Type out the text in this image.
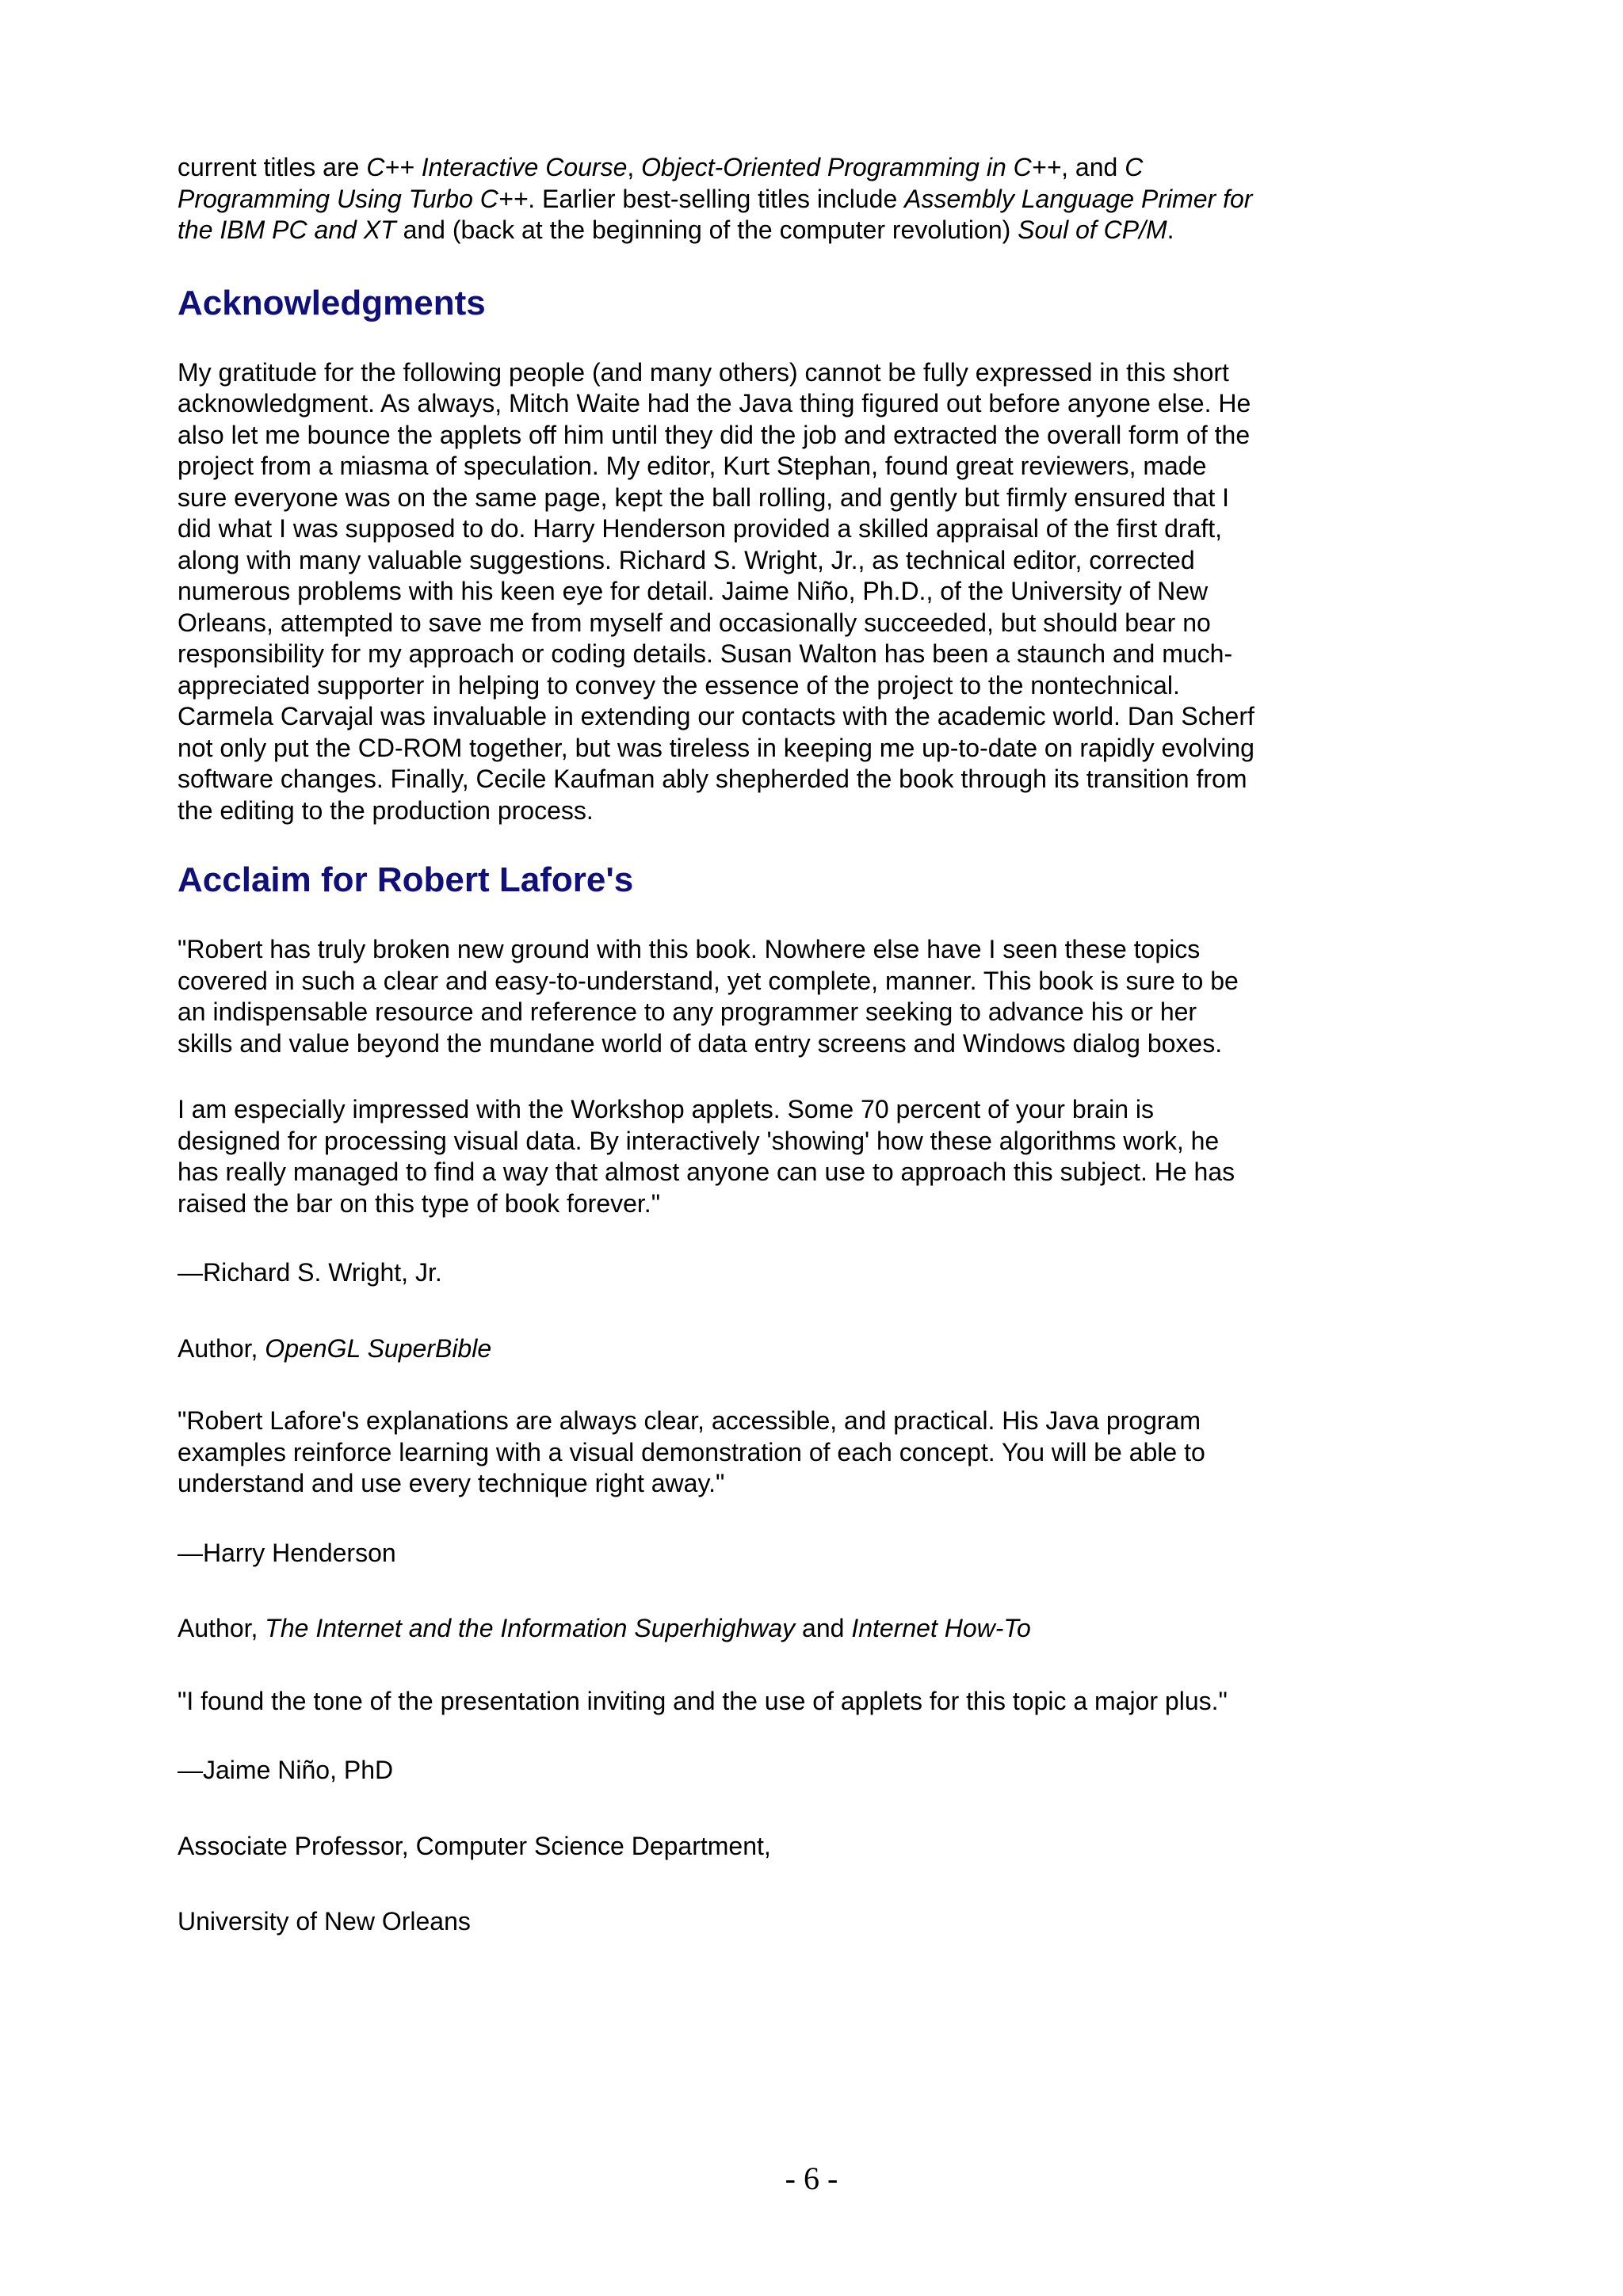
current titles are C++ Interactive Course, Object-Oriented Programming in C++, and C Programming Using Turbo C++. Earlier best-selling titles include Assembly Language Primer for the IBM PC and XT and (back at the beginning of the computer revolution) Soul of CP/M.

Acknowledgments

My gratitude for the following people (and many others) cannot be fully expressed in this short acknowledgment. As always, Mitch Waite had the Java thing figured out before anyone else. He also let me bounce the applets off him until they did the job and extracted the overall form of the project from a miasma of speculation. My editor, Kurt Stephan, found great reviewers, made sure everyone was on the same page, kept the ball rolling, and gently but firmly ensured that I did what I was supposed to do. Harry Henderson provided a skilled appraisal of the first draft, along with many valuable suggestions. Richard S. Wright, Jr., as technical editor, corrected numerous problems with his keen eye for detail. Jaime Niño, Ph.D., of the University of New Orleans, attempted to save me from myself and occasionally succeeded, but should bear no responsibility for my approach or coding details. Susan Walton has been a staunch and much-appreciated supporter in helping to convey the essence of the project to the nontechnical. Carmela Carvajal was invaluable in extending our contacts with the academic world. Dan Scherf not only put the CD-ROM together, but was tireless in keeping me up-to-date on rapidly evolving software changes. Finally, Cecile Kaufman ably shepherded the book through its transition from the editing to the production process.

Acclaim for Robert Lafore's

"Robert has truly broken new ground with this book. Nowhere else have I seen these topics covered in such a clear and easy-to-understand, yet complete, manner. This book is sure to be an indispensable resource and reference to any programmer seeking to advance his or her skills and value beyond the mundane world of data entry screens and Windows dialog boxes.

I am especially impressed with the Workshop applets. Some 70 percent of your brain is designed for processing visual data. By interactively 'showing' how these algorithms work, he has really managed to find a way that almost anyone can use to approach this subject. He has raised the bar on this type of book forever."

—Richard S. Wright, Jr.

Author, OpenGL SuperBible

"Robert Lafore's explanations are always clear, accessible, and practical. His Java program examples reinforce learning with a visual demonstration of each concept. You will be able to understand and use every technique right away."

—Harry Henderson

Author, The Internet and the Information Superhighway and Internet How-To

"I found the tone of the presentation inviting and the use of applets for this topic a major plus."

—Jaime Niño, PhD

Associate Professor, Computer Science Department,

University of New Orleans

- 6 -
